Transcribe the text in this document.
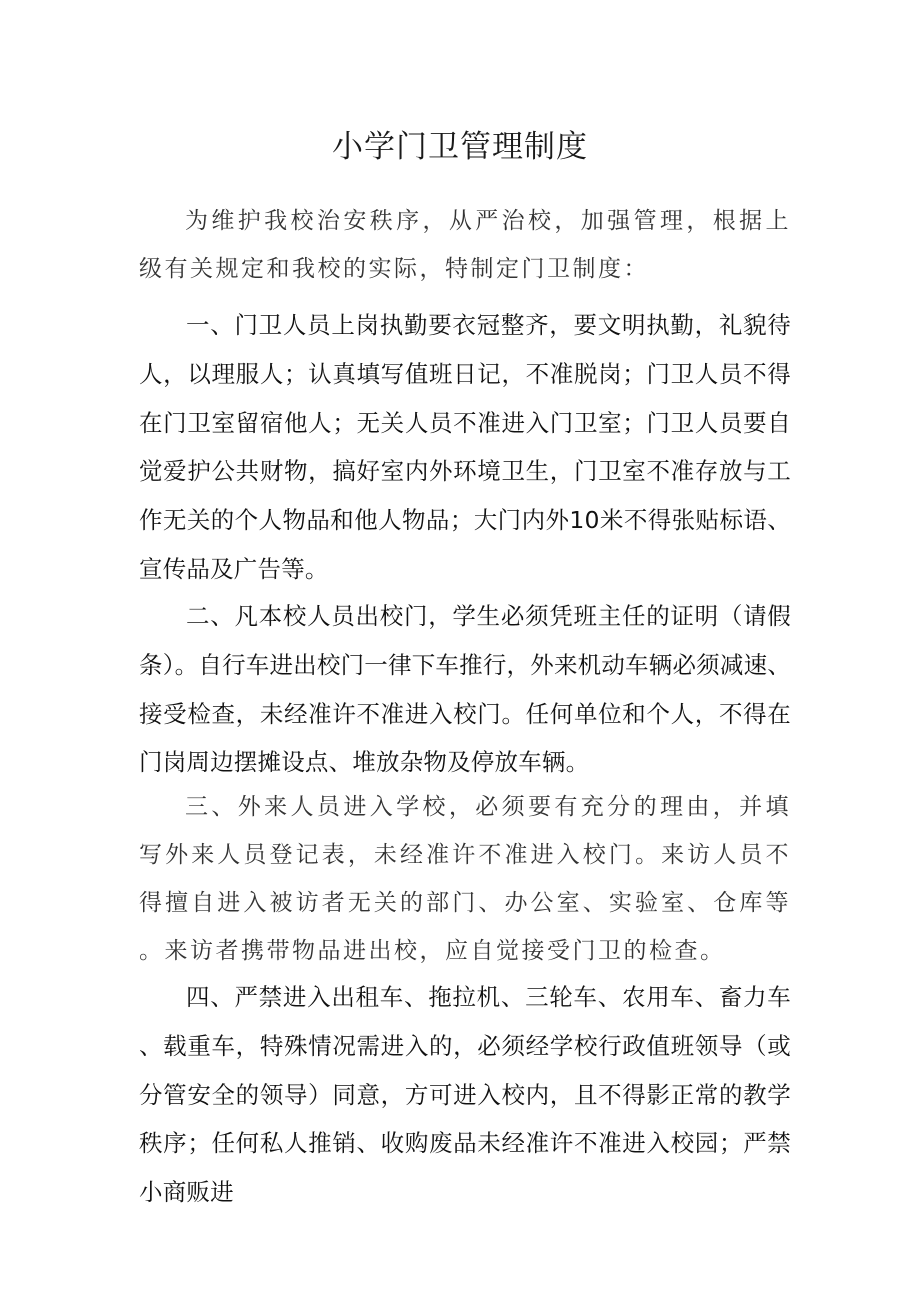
小学门卫管理制度

为维护我校治安秩序，从严治校，加强管理，根据上级有关规定和我校的实际，特制定门卫制度：

一、门卫人员上岗执勤要衣冠整齐，要文明执勤，礼貌待人，以理服人；认真填写值班日记，不准脱岗；门卫人员不得在门卫室留宿他人；无关人员不准进入门卫室；门卫人员要自觉爱护公共财物，搞好室内外环境卫生，门卫室不准存放与工作无关的个人物品和他人物品；大门内外10米不得张贴标语、宣传品及广告等。

二、凡本校人员出校门，学生必须凭班主任的证明（请假条）。自行车进出校门一律下车推行，外来机动车辆必须减速、接受检查，未经准许不准进入校门。任何单位和个人，不得在门岗周边摆摊设点、堆放杂物及停放车辆。

三、外来人员进入学校，必须要有充分的理由，并填写外来人员登记表，未经准许不准进入校门。来访人员不得擅自进入被访者无关的部门、办公室、实验室、仓库等。来访者携带物品进出校，应自觉接受门卫的检查。

四、严禁进入出租车、拖拉机、三轮车、农用车、畜力车、载重车，特殊情况需进入的，必须经学校行政值班领导（或分管安全的领导）同意，方可进入校内，且不得影正常的教学秩序；任何私人推销、收购废品未经准许不准进入校园；严禁小商贩进
